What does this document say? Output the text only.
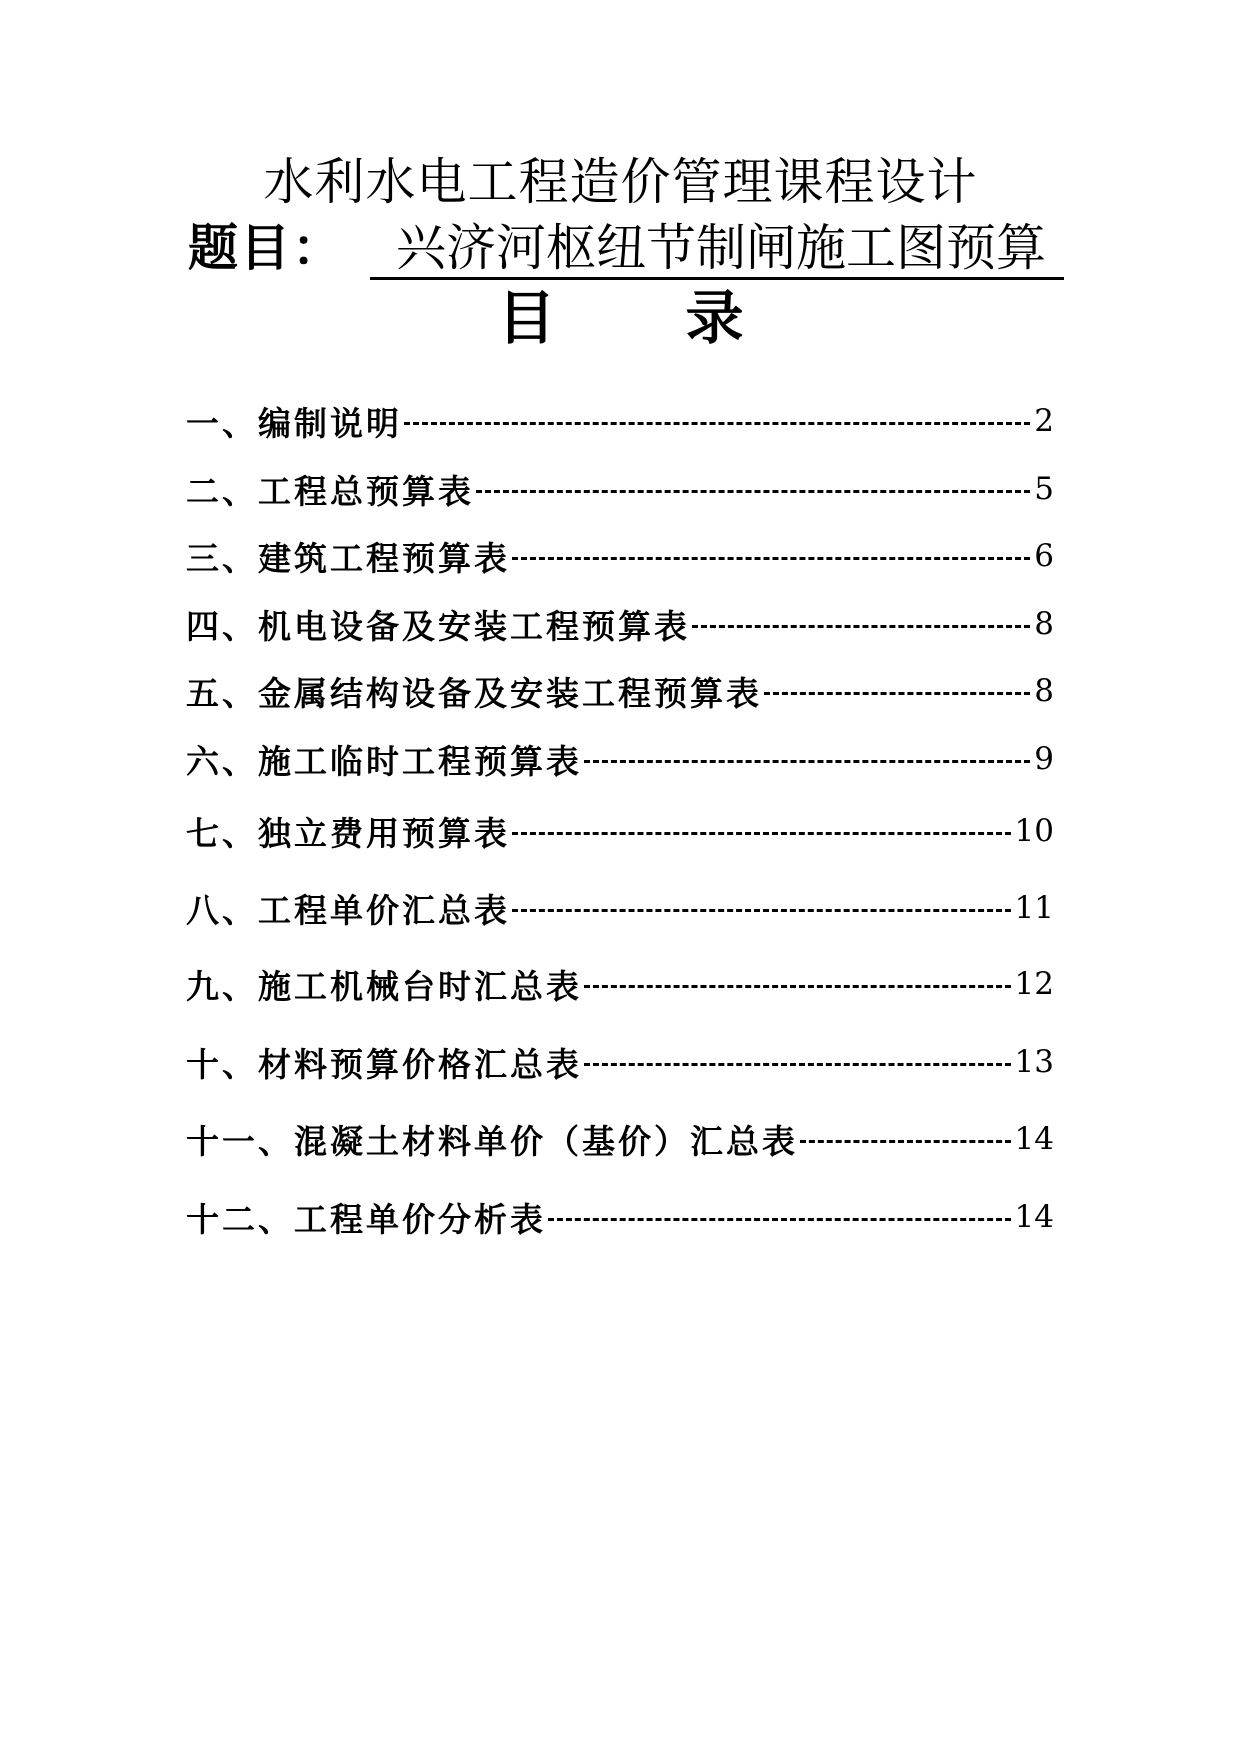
水利水电工程造价管理课程设计
题目：	兴济河枢纽节制闸施工图预算
目录
一、编制说明	2
二、工程总预算表	5
三、建筑工程预算表	6
四、机电设备及安装工程预算表	8
五、金属结构设备及安装工程预算表	8
六、施工临时工程预算表	9
七、独立费用预算表	10
八、工程单价汇总表	11
九、施工机械台时汇总表	12
十、材料预算价格汇总表	13
十一、混凝土材料单价（基价）汇总表	14
十二、工程单价分析表	14
